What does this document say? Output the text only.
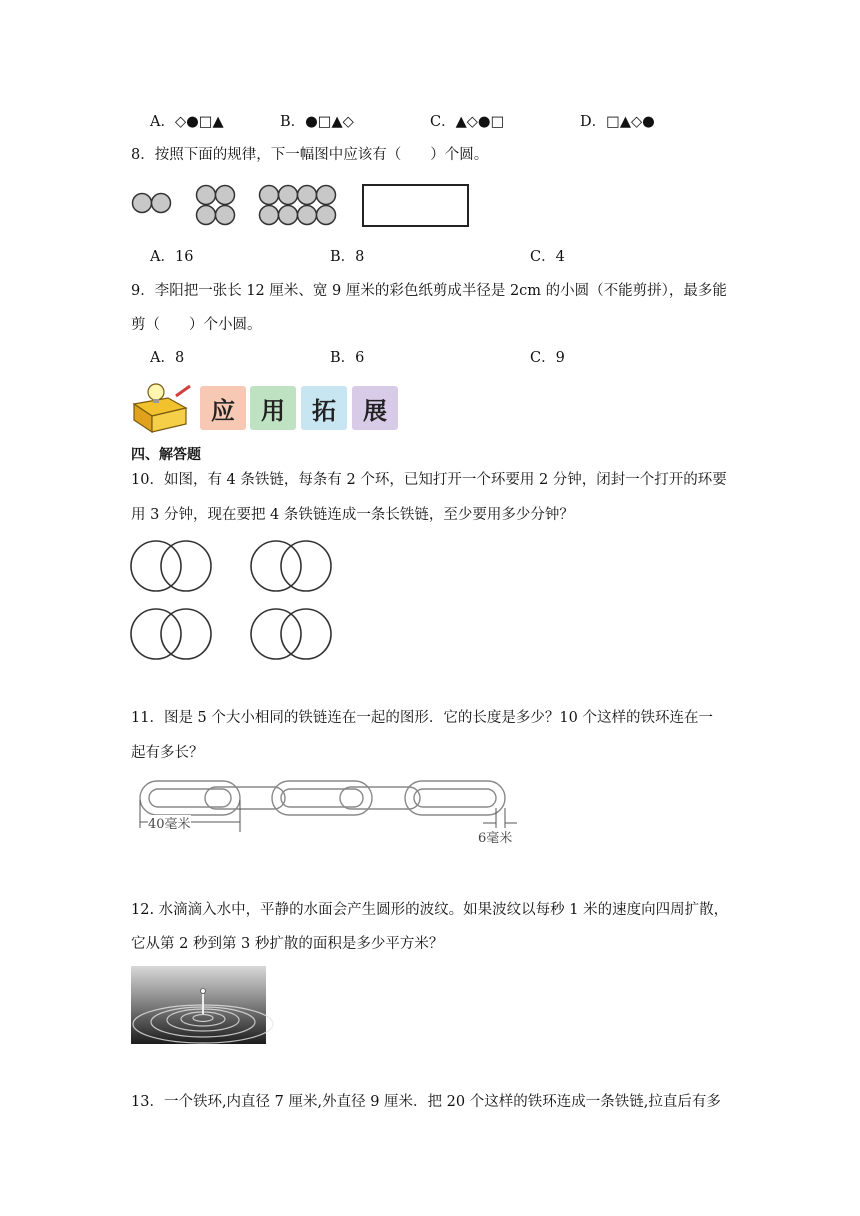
A．◇●□▲	B．●□▲◇	C．▲◇●□	D．□▲◇●
8．按照下面的规律，下一幅图中应该有（　　）个圆。
A．16	B．8	C．4
9．李阳把一张长 12 厘米、宽 9 厘米的彩色纸剪成半径是 2cm 的小圆（不能剪拼），最多能
剪（　　）个小圆。
A．8	B．6	C．9
应 用 拓 展
四、解答题
10．如图，有 4 条铁链，每条有 2 个环，已知打开一个环要用 2 分钟，闭封一个打开的环要
用 3 分钟，现在要把 4 条铁链连成一条长铁链，至少要用多少分钟？
11．图是 5 个大小相同的铁链连在一起的图形．它的长度是多少？10 个这样的铁环连在一
起有多长？
40毫米
6毫米
12. 水滴滴入水中，平静的水面会产生圆形的波纹。如果波纹以每秒 1 米的速度向四周扩散，
它从第 2 秒到第 3 秒扩散的面积是多少平方米？
13．一个铁环,内直径 7 厘米,外直径 9 厘米．把 20 个这样的铁环连成一条铁链,拉直后有多
